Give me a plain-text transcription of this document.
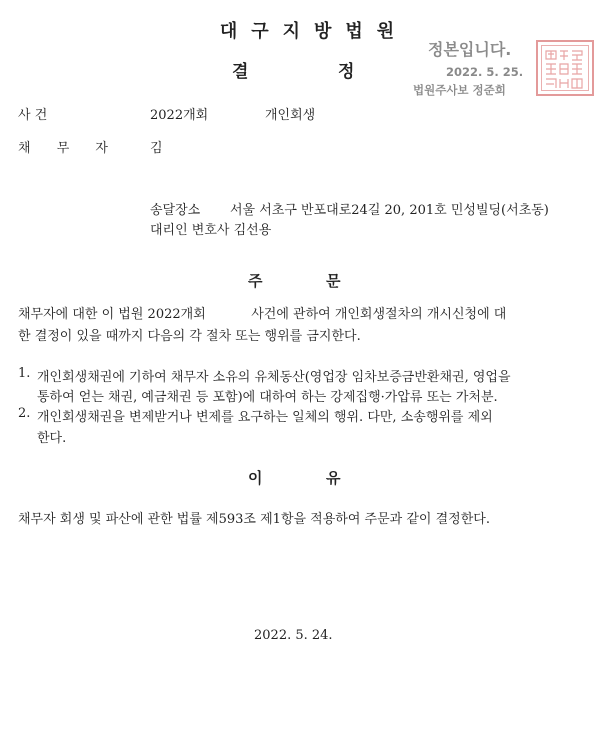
대구지방법원
결	정
정본입니다.
2022. 5. 25.
법원주사보 정준희
사 건	2022개회	개인회생
채 무 자 김
송달장소 서울 서초구 반포대로24길 20, 201호 민성빌딩(서초동)
대리인 변호사 김선용
주	문
채무자에 대한 이 법원 2022개회           사건에 관하여 개인회생절차의 개시신청에 대
한 결정이 있을 때까지 다음의 각 절차 또는 행위를 금지한다.
1. 개인회생채권에 기하여 채무자 소유의 유체동산(영업장 임차보증금반환채권, 영업을
통하여 얻는 채권, 예금채권 등 포함)에 대하여 하는 강제집행·가압류 또는 가처분.
2. 개인회생채권을 변제받거나 변제를 요구하는 일체의 행위. 다만, 소송행위를 제외
한다.
이	유
채무자 회생 및 파산에 관한 법률 제593조 제1항을 적용하여 주문과 같이 결정한다.
2022. 5. 24.
